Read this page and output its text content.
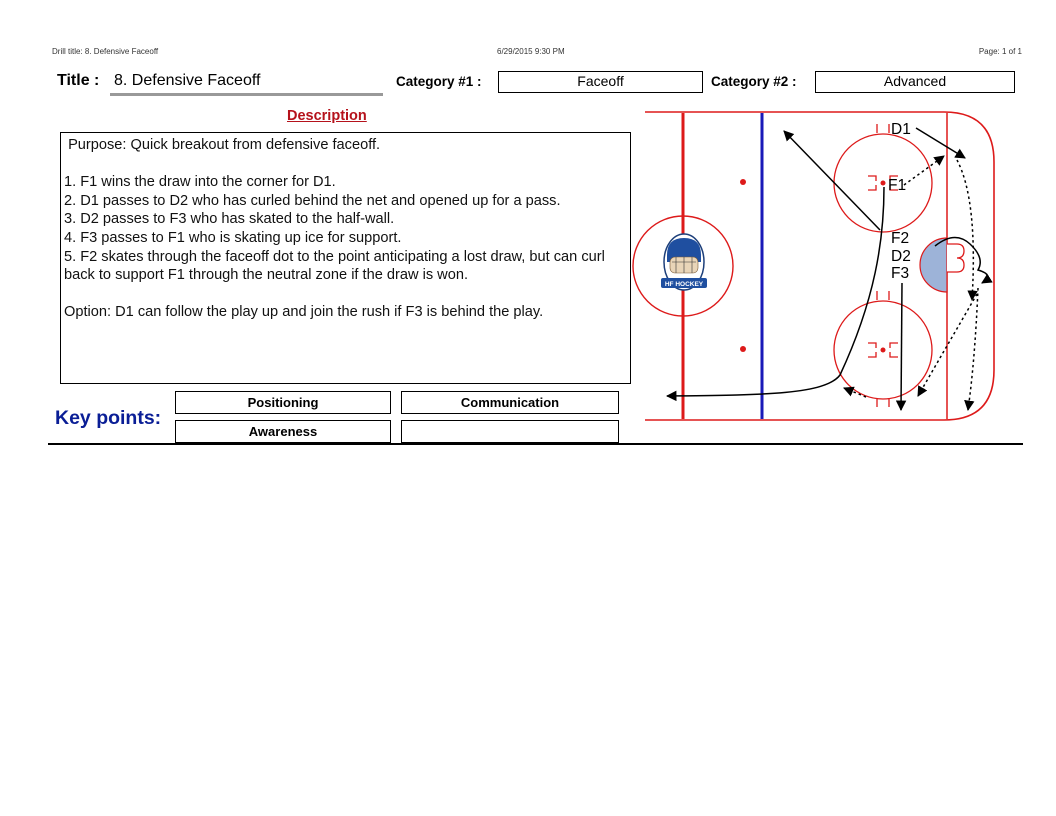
Drill title: 8. Defensive Faceoff	6/29/2015 9:30 PM	Page: 1 of 1
Title : 8. Defensive Faceoff	Category #1 :	Faceoff	Category #2 :	Advanced
Description
Purpose: Quick breakout from defensive faceoff.
1. F1 wins the draw into the corner for D1.
2. D1 passes to D2 who has curled behind the net and opened up for a pass.
3. D2 passes to F3 who has skated to the half-wall.
4. F3 passes to F1 who is skating up ice for support.
5. F2 skates through the faceoff dot to the point anticipating a lost draw, but can curl back to support F1 through the neutral zone if the draw is won.
Option: D1 can follow the play up and join the rush if F3 is behind the play.
Key points:
Positioning	Communication
Awareness
HF HOCKEY
D1
F1
F2
D2
F3
